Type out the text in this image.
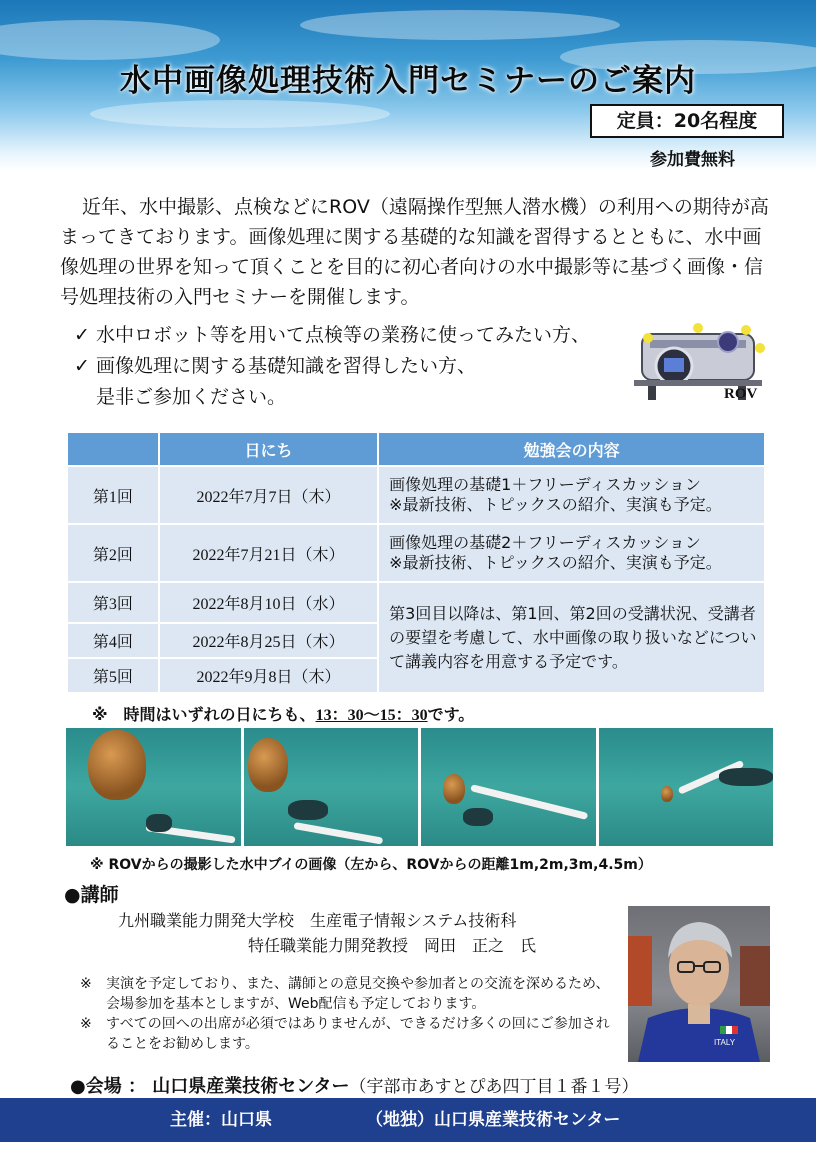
水中画像処理技術入門セミナーのご案内
定員：20名程度
参加費無料
近年、水中撮影、点検などにROV（遠隔操作型無人潜水機）の利用への期待が高まってきております。画像処理に関する基礎的な知識を習得するとともに、水中画像処理の世界を知って頂くことを目的に初心者向けの水中撮影等に基づく画像・信号処理技術の入門セミナーを開催します。
✓ 水中ロボット等を用いて点検等の業務に使ってみたい方、
✓ 画像処理に関する基礎知識を習得したい方、
是非ご参加ください。	ROV
	日にち	勉強会の内容
第1回	2022年7月7日（木）	画像処理の基礎1＋フリーディスカッション
※最新技術、トピックスの紹介、実演も予定。

第2回	2022年7月21日（木）	画像処理の基礎2＋フリーディスカッション
※最新技術、トピックスの紹介、実演も予定。

第3回	2022年8月10日（水）	第3回目以降は、第1回、第2回の受講状況、受講者の要望を考慮して、水中画像の取り扱いなどについて講義内容を用意する予定です。
第4回	2022年8月25日（木）	
第5回	2022年9月8日（木）	
※　時間はいずれの日にちも、13：30〜15：30です。
※ ROVからの撮影した水中ブイの画像（左から、ROVからの距離1m,2m,3m,4.5m）
●講師
九州職業能力開発大学校　生産電子情報システム技術科
特任職業能力開発教授　岡田　正之　氏
ITALY
※	実演を予定しており、また、講師との意見交換や参加者との交流を深めるため、会場参加を基本としますが、Web配信も予定しております。
※	すべての回への出席が必須ではありませんが、できるだけ多くの回にご参加されることをお勧めします。
●会場 ： 山口県産業技術センター（宇部市あすとぴあ四丁目１番１号）
主催：山口県	（地独）山口県産業技術センター
